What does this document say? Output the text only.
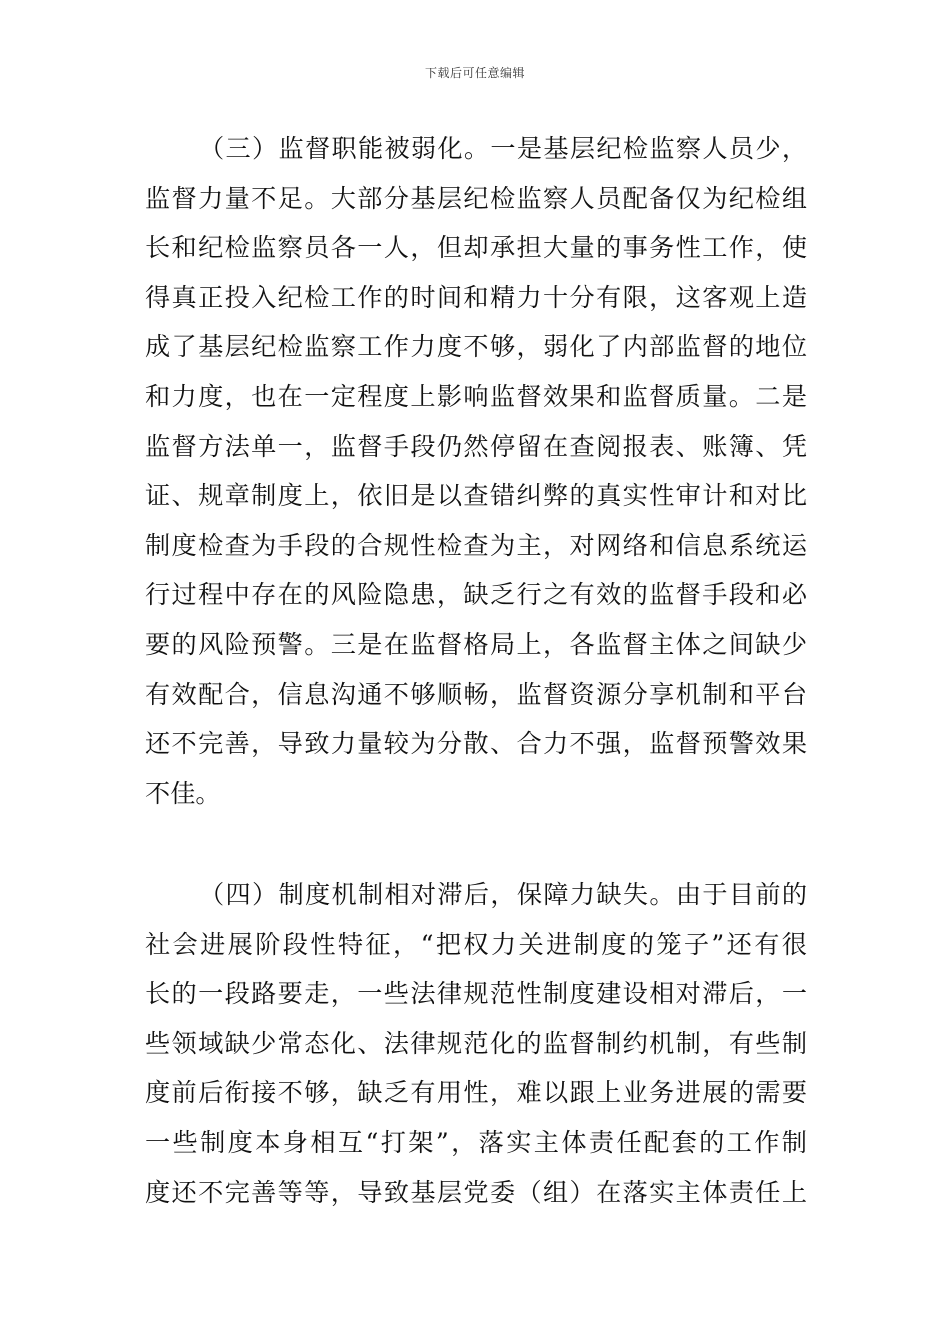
下载后可任意编辑
（三）监督职能被弱化。一是基层纪检监察人员少，
监督力量不足。大部分基层纪检监察人员配备仅为纪检组
长和纪检监察员各一人，但却承担大量的事务性工作，使
得真正投入纪检工作的时间和精力十分有限，这客观上造
成了基层纪检监察工作力度不够，弱化了内部监督的地位
和力度，也在一定程度上影响监督效果和监督质量。二是
监督方法单一，监督手段仍然停留在查阅报表、账簿、凭
证、规章制度上，依旧是以查错纠弊的真实性审计和对比
制度检查为手段的合规性检查为主，对网络和信息系统运
行过程中存在的风险隐患，缺乏行之有效的监督手段和必
要的风险预警。三是在监督格局上，各监督主体之间缺少
有效配合，信息沟通不够顺畅，监督资源分享机制和平台
还不完善，导致力量较为分散、合力不强，监督预警效果
不佳。
（四）制度机制相对滞后，保障力缺失。由于目前的
社会进展阶段性特征，“把权力关进制度的笼子”还有很
长的一段路要走，一些法律规范性制度建设相对滞后，一
些领域缺少常态化、法律规范化的监督制约机制，有些制
度前后衔接不够，缺乏有用性，难以跟上业务进展的需要
一些制度本身相互“打架”，落实主体责任配套的工作制
度还不完善等等，导致基层党委（组）在落实主体责任上
